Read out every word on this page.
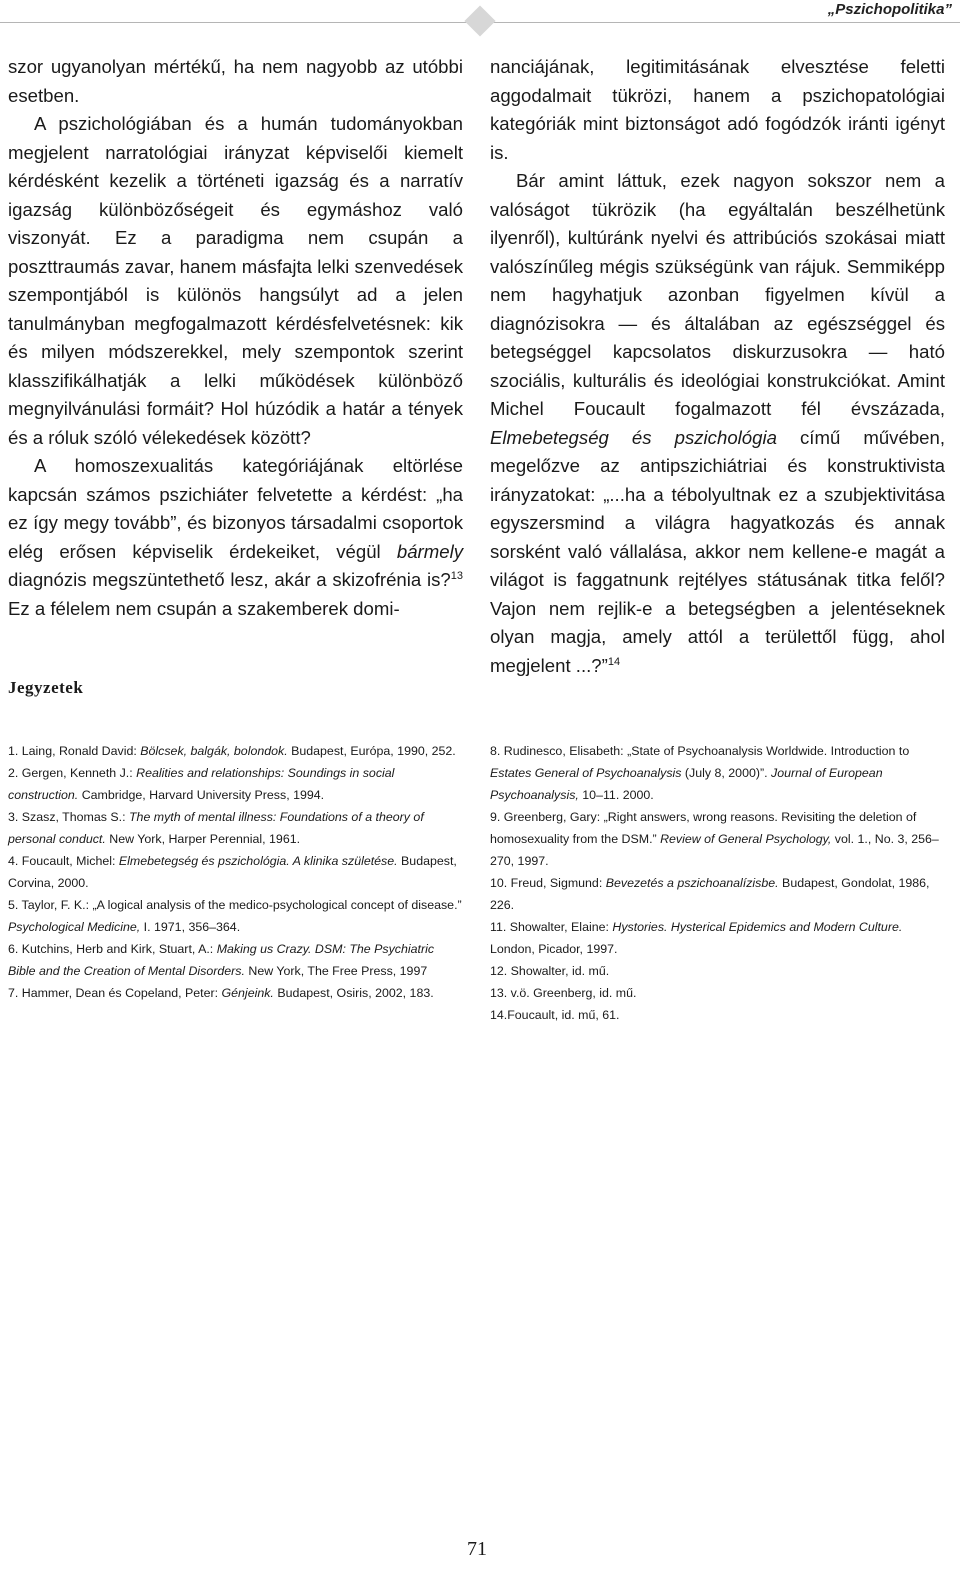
„Pszichopolitika”

szor ugyanolyan mértékű, ha nem nagyobb az utóbbi esetben.

A pszichológiában és a humán tudományokban megjelent narratológiai irányzat képviselői kiemelt kérdésként kezelik a történeti igazság és a narratív igazság különbözőségeit és egymáshoz való viszonyát. Ez a paradigma nem csupán a poszttraumás zavar, hanem másfajta lelki szenvedések szempontjából is különös hangsúlyt ad a jelen tanulmányban megfogalmazott kérdésfelvetésnek: kik és milyen módszerekkel, mely szempontok szerint klasszifikálhatják a lelki működések különböző megnyilvánulási formáit? Hol húzódik a határ a tények és a róluk szóló vélekedések között?

A homoszexualitás kategóriájának eltörlése kapcsán számos pszichiáter felvetette a kérdést: „ha ez így megy tovább”, és bizonyos társadalmi csoportok elég erősen képviselik érdekeiket, végül bármely diagnózis megszüntethető lesz, akár a skizofrénia is?$^{13}$ Ez a félelem nem csupán a szakemberek domi-

nanciájának, legitimitásának elvesztése feletti aggodalmait tükrözi, hanem a pszichopatológiai kategóriák mint biztonságot adó fogódzók iránti igényt is.

Bár amint láttuk, ezek nagyon sokszor nem a valóságot tükrözik (ha egyáltalán beszélhetünk ilyenről), kultúránk nyelvi és attribúciós szokásai miatt valószínűleg mégis szükségünk van rájuk. Semmiképp nem hagyhatjuk azonban figyelmen kívül a diagnózisokra — és általában az egészséggel és betegséggel kapcsolatos diskurzusokra — ható szociális, kulturális és ideológiai konstrukciókat. Amint Michel Foucault fogalmazott fél évszázada, Elmebetegség és pszichológia című művében, megelőzve az antipszichiátriai és konstruktivista irányzatokat: „...ha a tébolyultnak ez a szubjektivitása egyszersmind a világra hagyatkozás és annak sorsként való vállalása, akkor nem kellene-e magát a világot is faggatnunk rejtélyes státusának titka felől? Vajon nem rejlik-e a betegségben a jelentéseknek olyan magja, amely attól a területtől függ, ahol megjelent ...?”$^{14}$

Jegyzetek
1. Laing, Ronald David: Bölcsek, balgák, bolondok. Budapest, Európa, 1990, 252.
2. Gergen, Kenneth J.: Realities and relationships: Soundings in social construction. Cambridge, Harvard University Press, 1994.
3. Szasz, Thomas S.: The myth of mental illness: Foundations of a theory of personal conduct. New York, Harper Perennial, 1961.
4. Foucault, Michel: Elmebetegség és pszichológia. A klinika születése. Budapest, Corvina, 2000.
5. Taylor, F. K.: „A logical analysis of the medico-psychological concept of disease.” Psychological Medicine, I. 1971, 356–364.
6. Kutchins, Herb and Kirk, Stuart, A.: Making us Crazy. DSM: The Psychiatric Bible and the Creation of Mental Disorders. New York, The Free Press, 1997
7. Hammer, Dean és Copeland, Peter: Génjeink. Budapest, Osiris, 2002, 183.
8. Rudinesco, Elisabeth: „State of Psychoanalysis Worldwide. Introduction to Estates General of Psychoanalysis (July 8, 2000)”. Journal of European Psychoanalysis, 10–11. 2000.
9. Greenberg, Gary: „Right answers, wrong reasons. Revisiting the deletion of homosexuality from the DSM.” Review of General Psychology, vol. 1., No. 3, 256–270, 1997.
10. Freud, Sigmund: Bevezetés a pszichoanalízisbe. Budapest, Gondolat, 1986, 226.
11. Showalter, Elaine: Hystories. Hysterical Epidemics and Modern Culture. London, Picador, 1997.
12. Showalter, id. mű.
13. v.ö. Greenberg, id. mű.
14.Foucault, id. mű, 61.
71
